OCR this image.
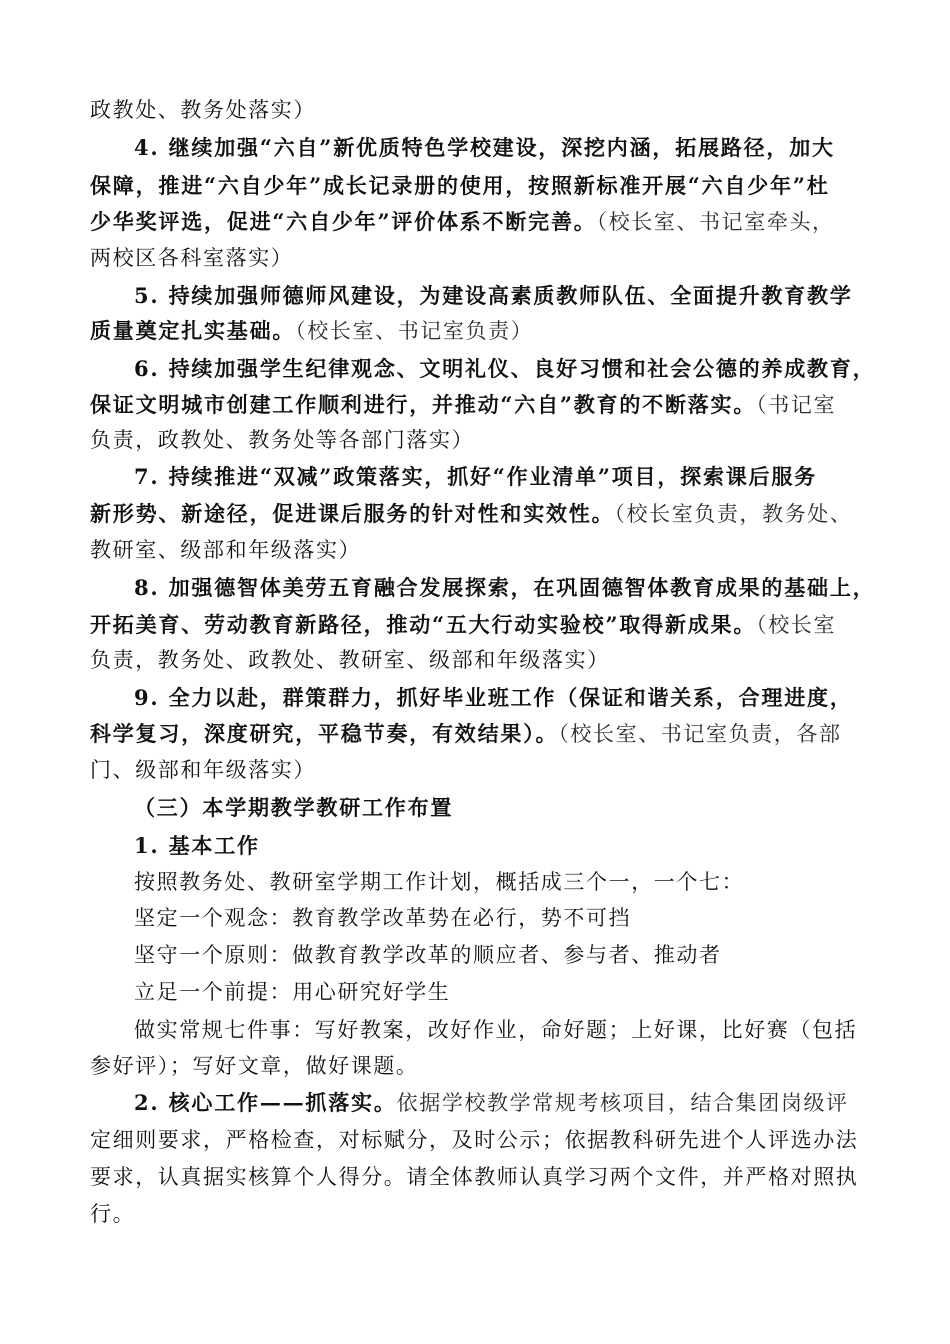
政教处、教务处落实）
4. 继续加强“六自”新优质特色学校建设，深挖内涵，拓展路径，加大
保障，推进“六自少年”成长记录册的使用，按照新标准开展“六自少年”杜
少华奖评选，促进“六自少年”评价体系不断完善。（校长室、书记室牵头，
两校区各科室落实）
5. 持续加强师德师风建设，为建设高素质教师队伍、全面提升教育教学
质量奠定扎实基础。（校长室、书记室负责）
6. 持续加强学生纪律观念、文明礼仪、良好习惯和社会公德的养成教育，
保证文明城市创建工作顺利进行，并推动“六自”教育的不断落实。（书记室
负责，政教处、教务处等各部门落实）
7. 持续推进“双减”政策落实，抓好“作业清单”项目，探索课后服务
新形势、新途径，促进课后服务的针对性和实效性。（校长室负责，教务处、
教研室、级部和年级落实）
8. 加强德智体美劳五育融合发展探索，在巩固德智体教育成果的基础上，
开拓美育、劳动教育新路径，推动“五大行动实验校”取得新成果。（校长室
负责，教务处、政教处、教研室、级部和年级落实）
9. 全力以赴，群策群力，抓好毕业班工作（保证和谐关系，合理进度，
科学复习，深度研究，平稳节奏，有效结果）。（校长室、书记室负责，各部
门、级部和年级落实）
（三）本学期教学教研工作布置
1. 基本工作
按照教务处、教研室学期工作计划，概括成三个一，一个七：
坚定一个观念：教育教学改革势在必行，势不可挡
坚守一个原则：做教育教学改革的顺应者、参与者、推动者
立足一个前提：用心研究好学生
做实常规七件事：写好教案，改好作业，命好题；上好课，比好赛（包括
参好评）；写好文章，做好课题。
2. 核心工作——抓落实。依据学校教学常规考核项目，结合集团岗级评
定细则要求，严格检查，对标赋分，及时公示；依据教科研先进个人评选办法
要求，认真据实核算个人得分。请全体教师认真学习两个文件，并严格对照执
行。
